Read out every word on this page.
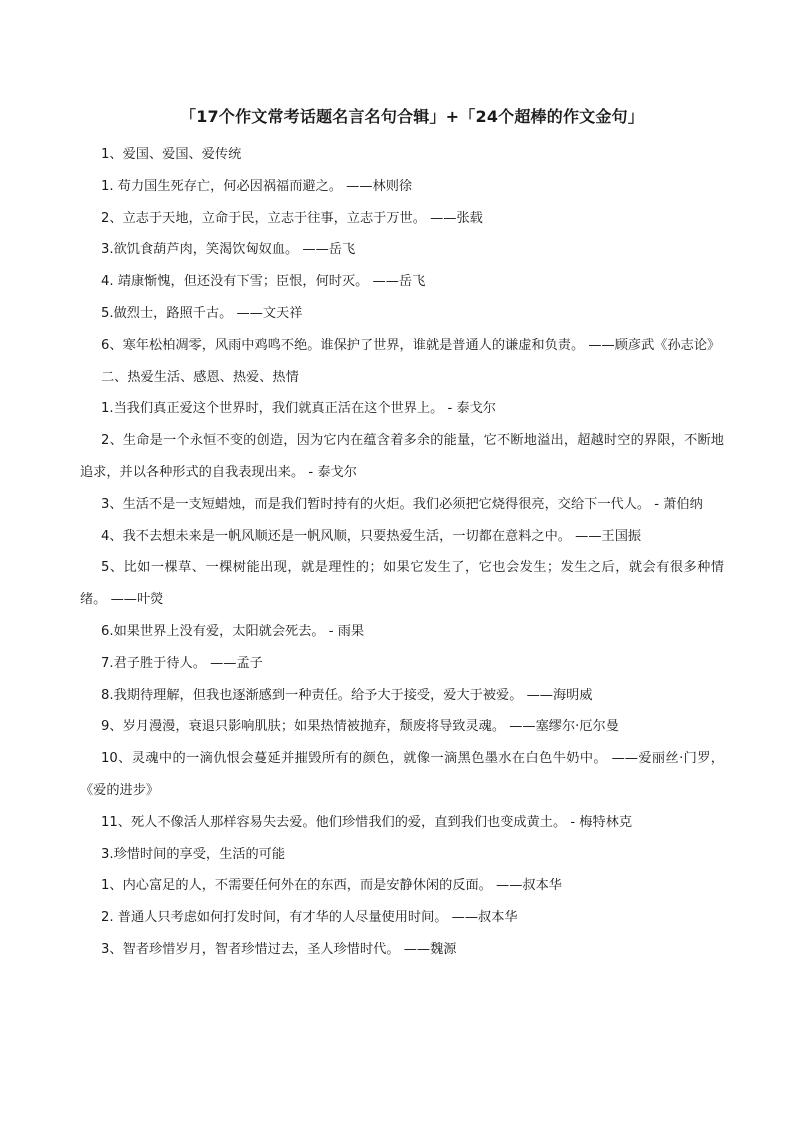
「17个作文常考话题名言名句合辑」+「24个超棒的作文金句」

1、爱国、爱国、爱传统

1. 苟力国生死存亡，何必因祸福而避之。 ——林则徐

2、立志于天地，立命于民，立志于往事，立志于万世。 ——张载

3.欲饥食葫芦肉，笑渴饮匈奴血。 ——岳飞

4. 靖康惭愧，但还没有下雪；臣恨，何时灭。 ——岳飞

5.做烈士，路照千古。 ——文天祥

6、寒年松柏凋零，风雨中鸡鸣不绝。谁保护了世界，谁就是普通人的谦虚和负责。 ——顾彦武《孙志论》

二、热爱生活、感恩、热爱、热情

1.当我们真正爱这个世界时，我们就真正活在这个世界上。 - 泰戈尔

2、生命是一个永恒不变的创造，因为它内在蕴含着多余的能量，它不断地溢出，超越时空的界限，不断地追求，并以各种形式的自我表现出来。 - 泰戈尔

3、生活不是一支短蜡烛，而是我们暂时持有的火炬。我们必须把它烧得很亮，交给下一代人。 - 萧伯纳

4、我不去想未来是一帆风顺还是一帆风顺，只要热爱生活，一切都在意料之中。 ——王国振

5、比如一棵草、一棵树能出现，就是理性的；如果它发生了，它也会发生；发生之后，就会有很多种情绪。 ——叶熒

6.如果世界上没有爱，太阳就会死去。 - 雨果

7.君子胜于待人。 ——孟子

8.我期待理解，但我也逐渐感到一种责任。给予大于接受，爱大于被爱。 ——海明威

9、岁月漫漫，衰退只影响肌肤；如果热情被抛弃，颓废将导致灵魂。 ——塞缪尔·厄尔曼

10、灵魂中的一滴仇恨会蔓延并摧毁所有的颜色，就像一滴黑色墨水在白色牛奶中。 ——爱丽丝·门罗，《爱的进步》

11、死人不像活人那样容易失去爱。他们珍惜我们的爱，直到我们也变成黄土。 - 梅特林克

3.珍惜时间的享受，生活的可能

1、内心富足的人，不需要任何外在的东西，而是安静休闲的反面。 ——叔本华

2. 普通人只考虑如何打发时间，有才华的人尽量使用时间。 ——叔本华

3、智者珍惜岁月，智者珍惜过去，圣人珍惜时代。 ——魏源
